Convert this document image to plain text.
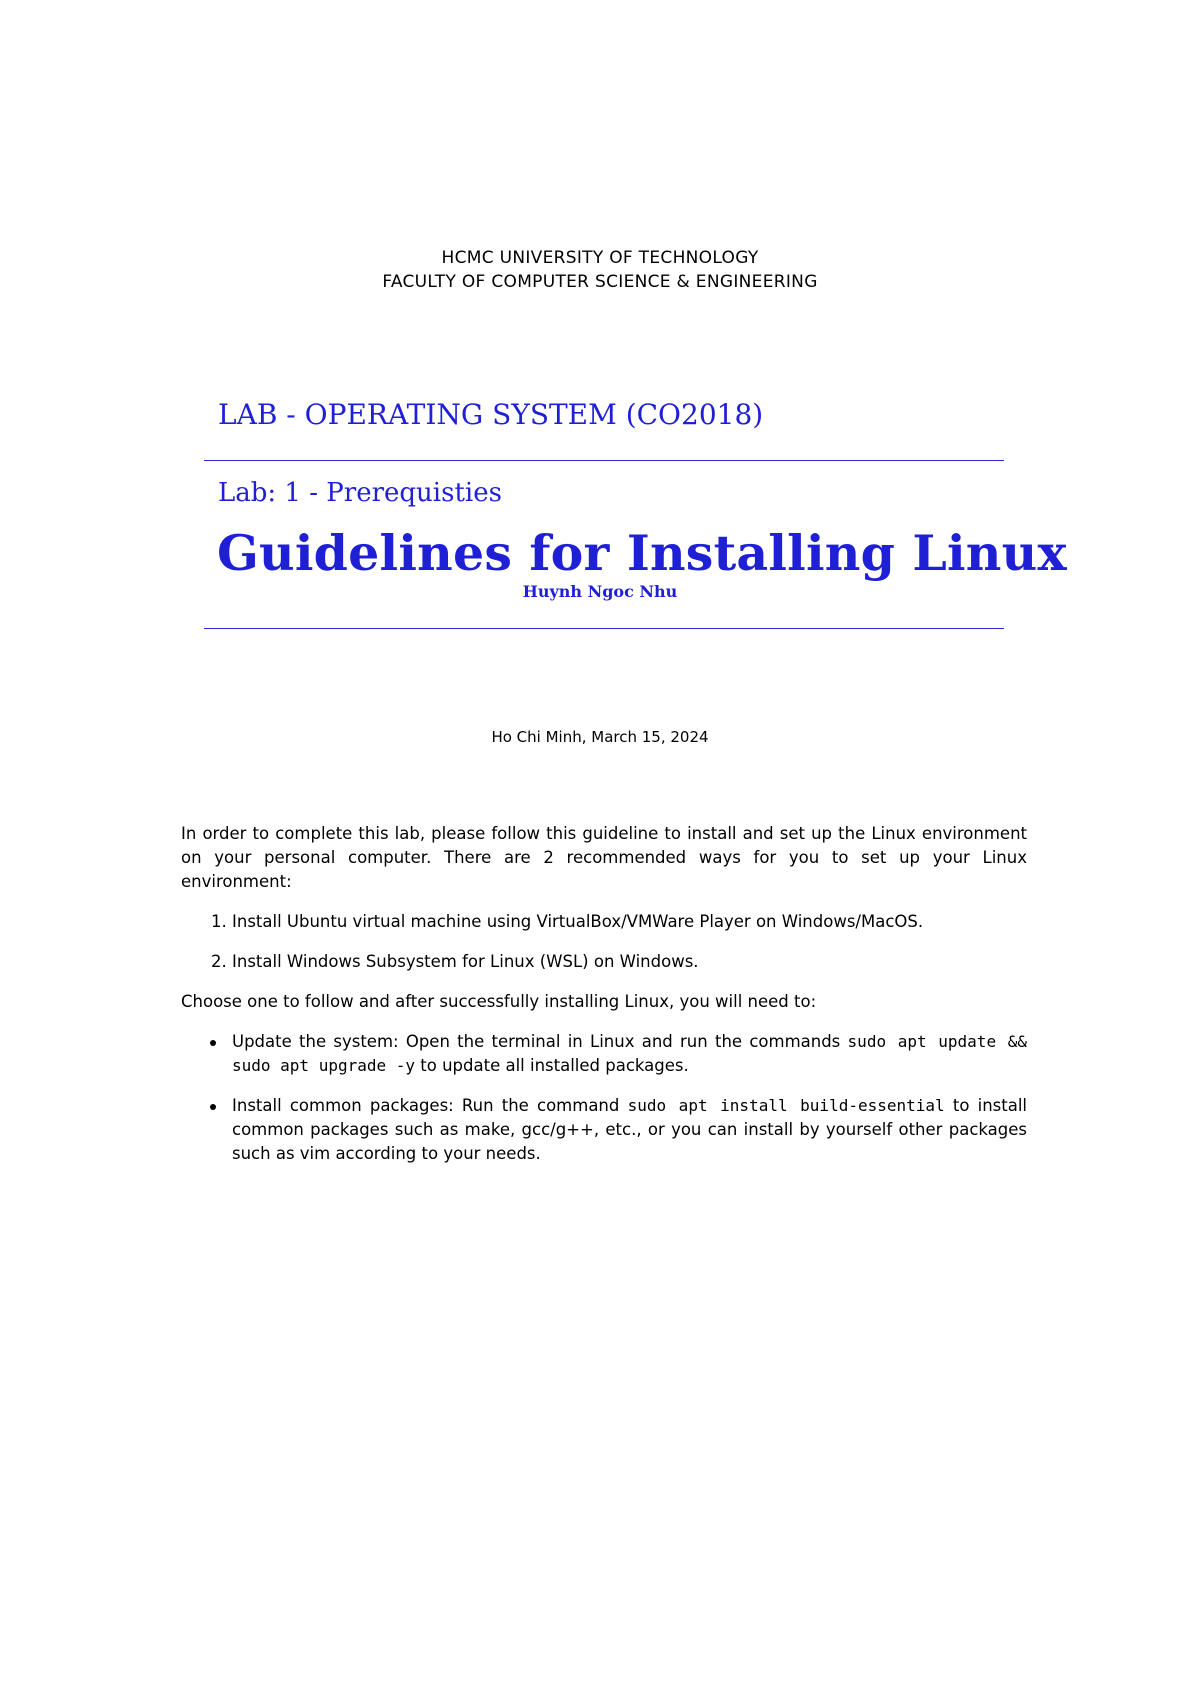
HCMC UNIVERSITY OF TECHNOLOGY
FACULTY OF COMPUTER SCIENCE & ENGINEERING
LAB - OPERATING SYSTEM (CO2018)
Lab: 1 - Prerequisties
Guidelines for Installing Linux
Huynh Ngoc Nhu
Ho Chi Minh, March 15, 2024

In order to complete this lab, please follow this guideline to install and set up the Linux environment on your personal computer. There are 2 recommended ways for you to set up your Linux environment:

1. Install Ubuntu virtual machine using VirtualBox/VMWare Player on Windows/MacOS.
2. Install Windows Subsystem for Linux (WSL) on Windows.

Choose one to follow and after successfully installing Linux, you will need to:

Update the system: Open the terminal in Linux and run the commands sudo apt update && sudo apt upgrade -y to update all installed packages.
Install common packages: Run the command sudo apt install build-essential to install common packages such as make, gcc/g++, etc., or you can install by yourself other packages such as vim according to your needs.
